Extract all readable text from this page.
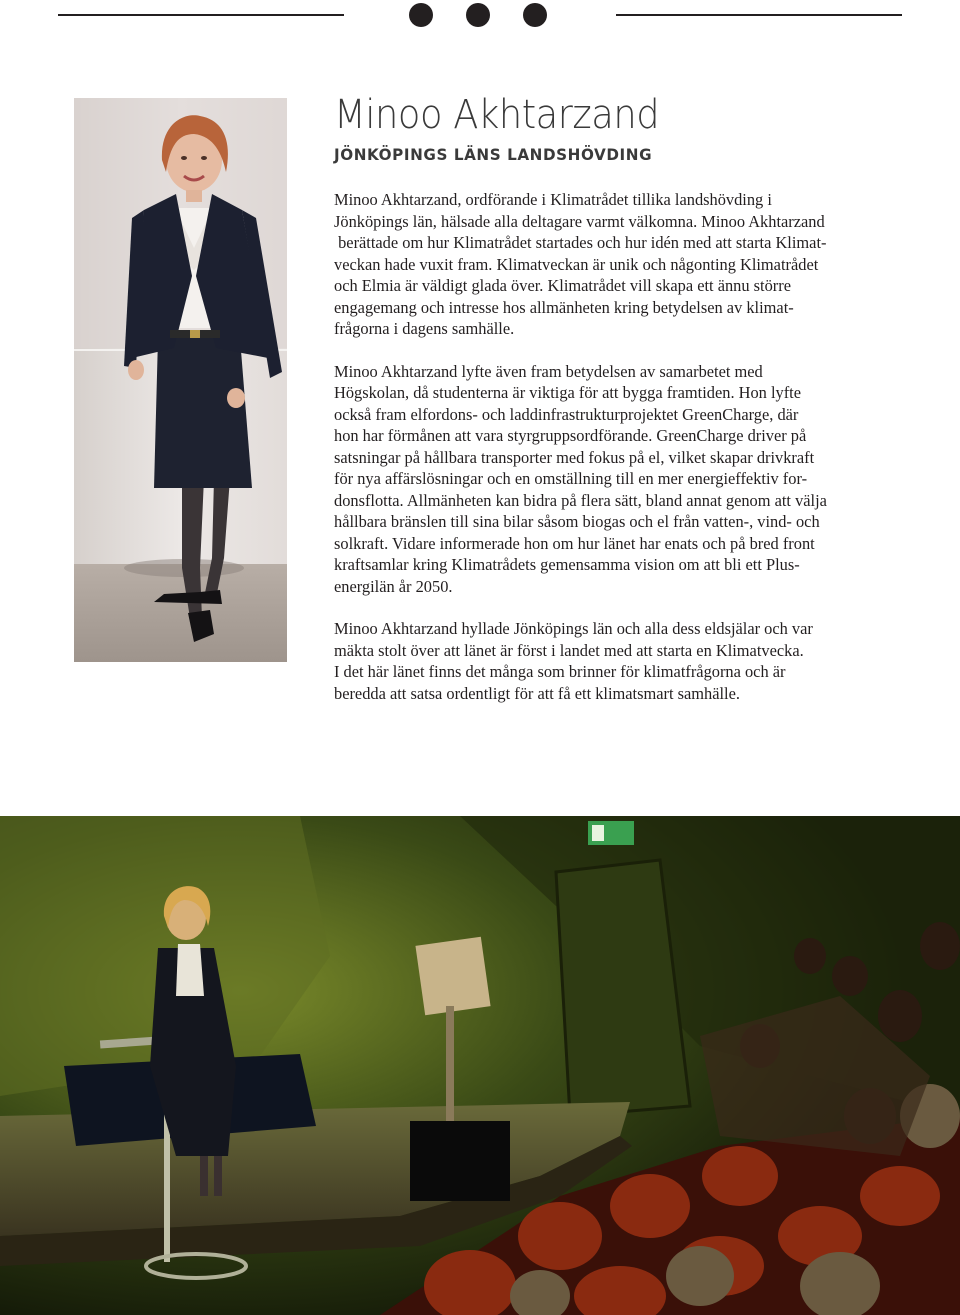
Minoo Akhtarzand
JÖNKÖPINGS LÄNS LANDSHÖVDING

Minoo Akhtarzand, ordförande i Klimatrådet tillika landshövding i
Jönköpings län, hälsade alla deltagare varmt välkomna. Minoo Akhtarzand
berättade om hur Klimatrådet startades och hur idén med att starta Klimat-
veckan hade vuxit fram. Klimatveckan är unik och någonting Klimatrådet
och Elmia är väldigt glada över. Klimatrådet vill skapa ett ännu större
engagemang och intresse hos allmänheten kring betydelsen av klimat-
frågorna i dagens samhälle.

Minoo Akhtarzand lyfte även fram betydelsen av samarbetet med
Högskolan, då studenterna är viktiga för att bygga framtiden. Hon lyfte
också fram elfordons- och laddinfrastrukturprojektet GreenCharge, där
hon har förmånen att vara styrgruppsordförande. GreenCharge driver på
satsningar på hållbara transporter med fokus på el, vilket skapar drivkraft
för nya affärslösningar och en omställning till en mer energieffektiv for-
donsflotta. Allmänheten kan bidra på flera sätt, bland annat genom att välja
hållbara bränslen till sina bilar såsom biogas och el från vatten-, vind- och
solkraft. Vidare informerade hon om hur länet har enats och på bred front
kraftsamlar kring Klimatrådets gemensamma vision om att bli ett Plus-
energilän år 2050.

Minoo Akhtarzand hyllade Jönköpings län och alla dess eldsjälar och var
mäkta stolt över att länet är först i landet med att starta en Klimatvecka.
I det här länet finns det många som brinner för klimatfrågorna och är
beredda att satsa ordentligt för att få ett klimatsmart samhälle.
